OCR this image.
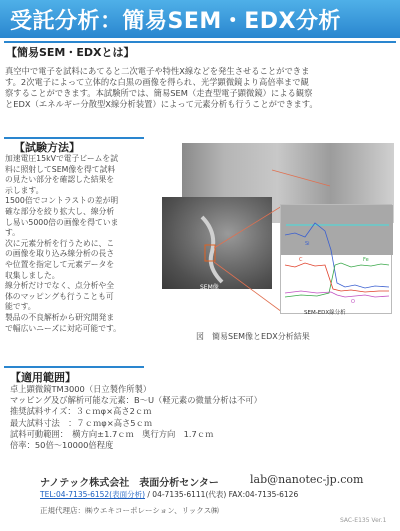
受託分析：簡易SEM・EDX分析
【簡易SEM・EDXとは】
真空中で電子を試料にあてると二次電子や特性X線などを発生させることができま
す。2次電子によって立体的な白黒の画像を得られ、光学顕微鏡より高倍率まで観
察することができます。本試験所では、簡易SEM（走査型電子顕微鏡）による観察
とEDX（エネルギー分散型X線分析装置）によって元素分析も行うことができます。
【試験方法】

加速電圧15kVで電子ビームを試
料に照射してSEM像を得て試料
の見たい部分を確認した結果を
示します。

1500倍でコントラストの差が明
確な部分を絞り拡大し、線分析
し易い5000倍の画像を得ていま
す。

次に元素分析を行うために、こ
の画像を取り込み線分析の長さ
や位置を指定して元素データを
収集しました。

線分析だけでなく、点分析や全
体のマッピングも行うことも可
能です。

製品の不良解析から研究開発ま
で幅広いニーズに対応可能です。

SEM像
Si
Fe
C
O
SEM-EDX線分析
図　簡易SEM像とEDX分析結果
【適用範囲】
卓上顕微鏡TM3000（日立製作所製）
マッピング及び解析可能な元素：B～U（軽元素の微量分析は不可）
推奨試料サイズ：３ｃｍφ×高さ2ｃｍ
最大試料寸法　：７ｃｍφ×高さ5ｃｍ
試料可動範囲：　横方向±1.7ｃｍ　奥行方向　1.7ｃｍ
倍率：50倍～10000倍程度
ナノテック株式会社　表面分析センター	lab@nanotec-jp.com
TEL:04-7135-6152(表面分析) / 04-7135-6111(代表) FAX:04-7135-6126
正規代理店：㈱ウエキコーポレーション、リックス㈱
SAC-E135 Ver.1
